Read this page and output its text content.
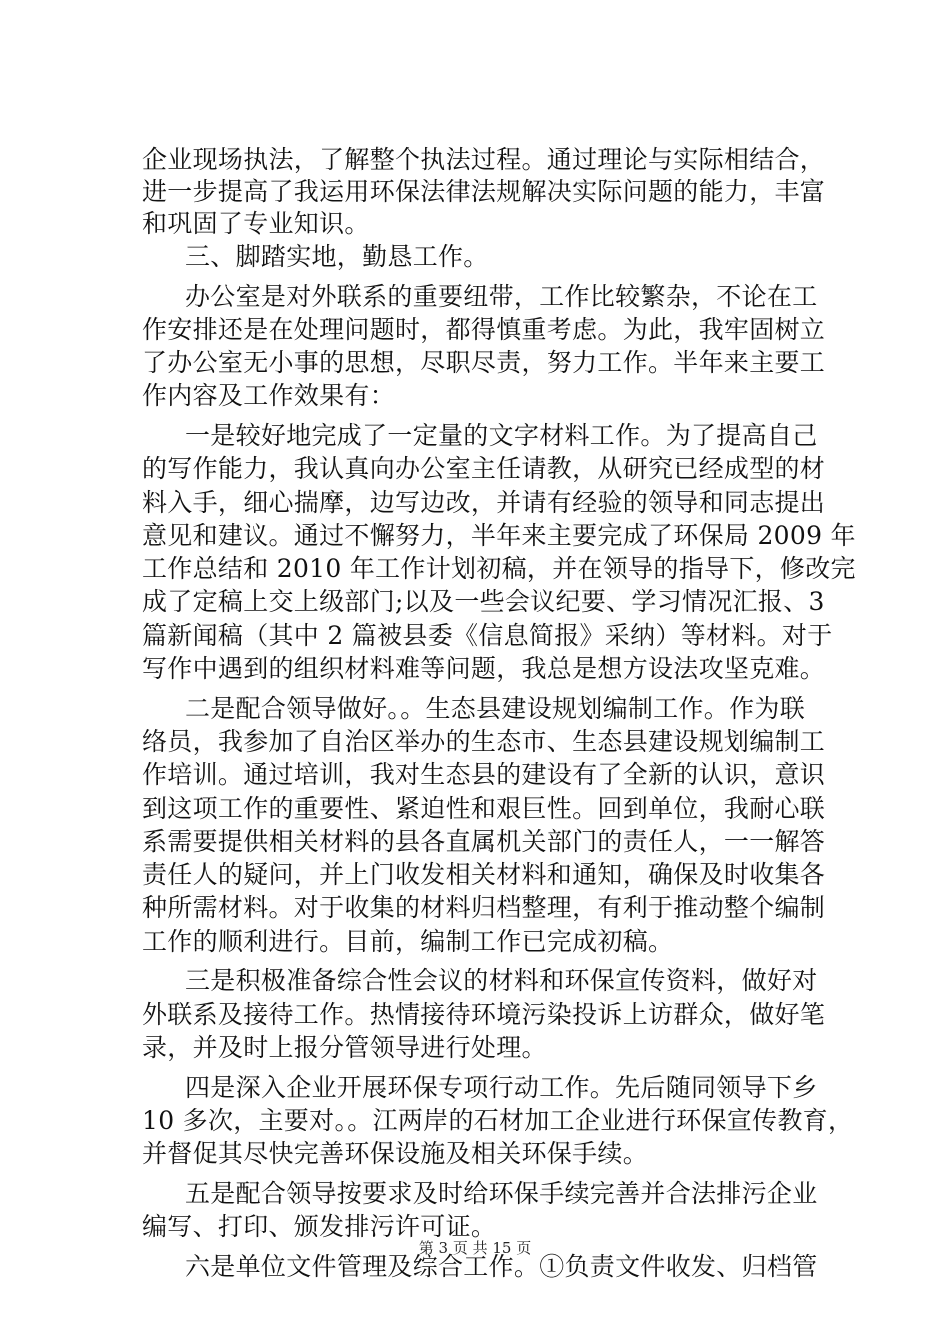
企业现场执法，了解整个执法过程。通过理论与实际相结合，
进一步提高了我运用环保法律法规解决实际问题的能力，丰富
和巩固了专业知识。
三、脚踏实地，勤恳工作。
办公室是对外联系的重要纽带，工作比较繁杂，不论在工
作安排还是在处理问题时，都得慎重考虑。为此，我牢固树立
了办公室无小事的思想，尽职尽责，努力工作。半年来主要工
作内容及工作效果有：
一是较好地完成了一定量的文字材料工作。为了提高自己
的写作能力，我认真向办公室主任请教，从研究已经成型的材
料入手，细心揣摩，边写边改，并请有经验的领导和同志提出
意见和建议。通过不懈努力，半年来主要完成了环保局 2009 年
工作总结和 2010 年工作计划初稿，并在领导的指导下，修改完
成了定稿上交上级部门;以及一些会议纪要、学习情况汇报、3
篇新闻稿（其中 2 篇被县委《信息简报》采纳）等材料。对于
写作中遇到的组织材料难等问题，我总是想方设法攻坚克难。
二是配合领导做好。。生态县建设规划编制工作。作为联
络员，我参加了自治区举办的生态市、生态县建设规划编制工
作培训。通过培训，我对生态县的建设有了全新的认识，意识
到这项工作的重要性、紧迫性和艰巨性。回到单位，我耐心联
系需要提供相关材料的县各直属机关部门的责任人，一一解答
责任人的疑问，并上门收发相关材料和通知，确保及时收集各
种所需材料。对于收集的材料归档整理，有利于推动整个编制
工作的顺利进行。目前，编制工作已完成初稿。
三是积极准备综合性会议的材料和环保宣传资料，做好对
外联系及接待工作。热情接待环境污染投诉上访群众，做好笔
录，并及时上报分管领导进行处理。
四是深入企业开展环保专项行动工作。先后随同领导下乡
10 多次，主要对。。江两岸的石材加工企业进行环保宣传教育，
并督促其尽快完善环保设施及相关环保手续。
五是配合领导按要求及时给环保手续完善并合法排污企业
编写、打印、颁发排污许可证。
六是单位文件管理及综合工作。①负责文件收发、归档管
第 3 页 共 15 页
